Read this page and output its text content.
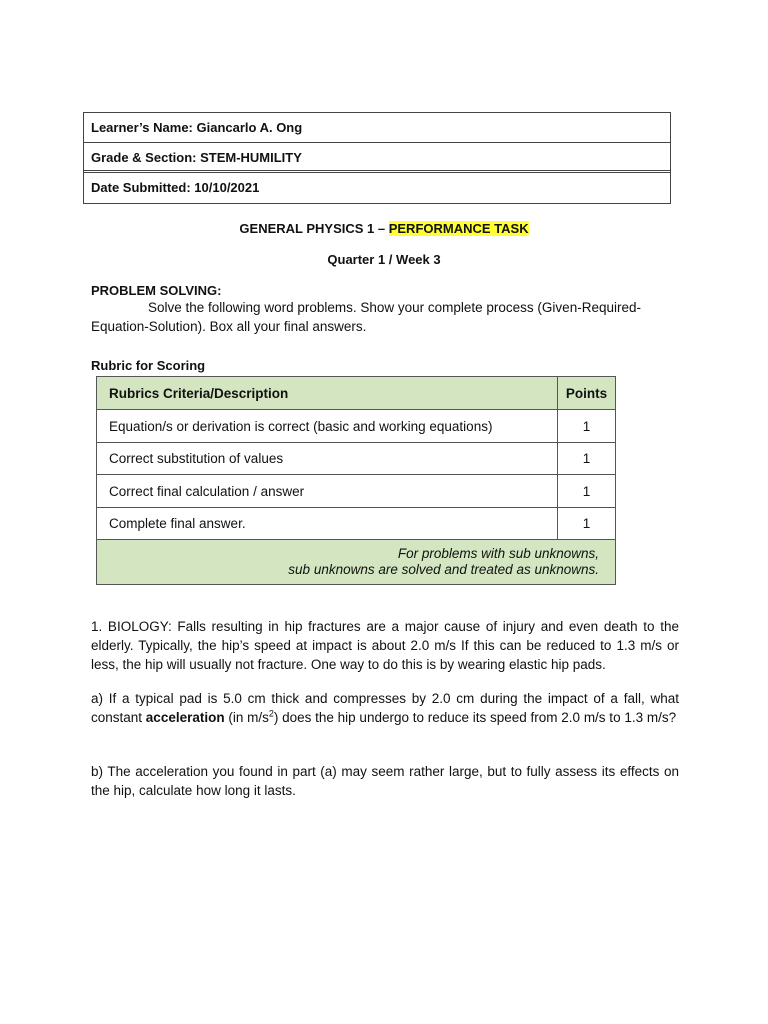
Learner’s Name: Giancarlo A. Ong
Grade & Section: STEM-HUMILITY
Date Submitted: 10/10/2021
GENERAL PHYSICS 1 – PERFORMANCE TASK
Quarter 1 / Week 3
PROBLEM SOLVING:
Solve the following word problems. Show your complete process (Given-Required-Equation-Solution). Box all your final answers.
Rubric for Scoring
Rubrics Criteria/Description	Points
Equation/s or derivation is correct (basic and working equations)	1
Correct substitution of values	1
Correct final calculation / answer	1
Complete final answer.	1

For problems with sub unknowns,
sub unknowns are solved and treated as unknowns.	
1. BIOLOGY: Falls resulting in hip fractures are a major cause of injury and even death to the elderly. Typically, the hip’s speed at impact is about 2.0 m/s If this can be reduced to 1.3 m/s or less, the hip will usually not fracture. One way to do this is by wearing elastic hip pads.
a) If a typical pad is 5.0 cm thick and compresses by 2.0 cm during the impact of a fall, what constant acceleration (in $m/s^2$) does the hip undergo to reduce its speed from 2.0 m/s to 1.3 m/s?
b) The acceleration you found in part (a) may seem rather large, but to fully assess its effects on the hip, calculate how long it lasts.
